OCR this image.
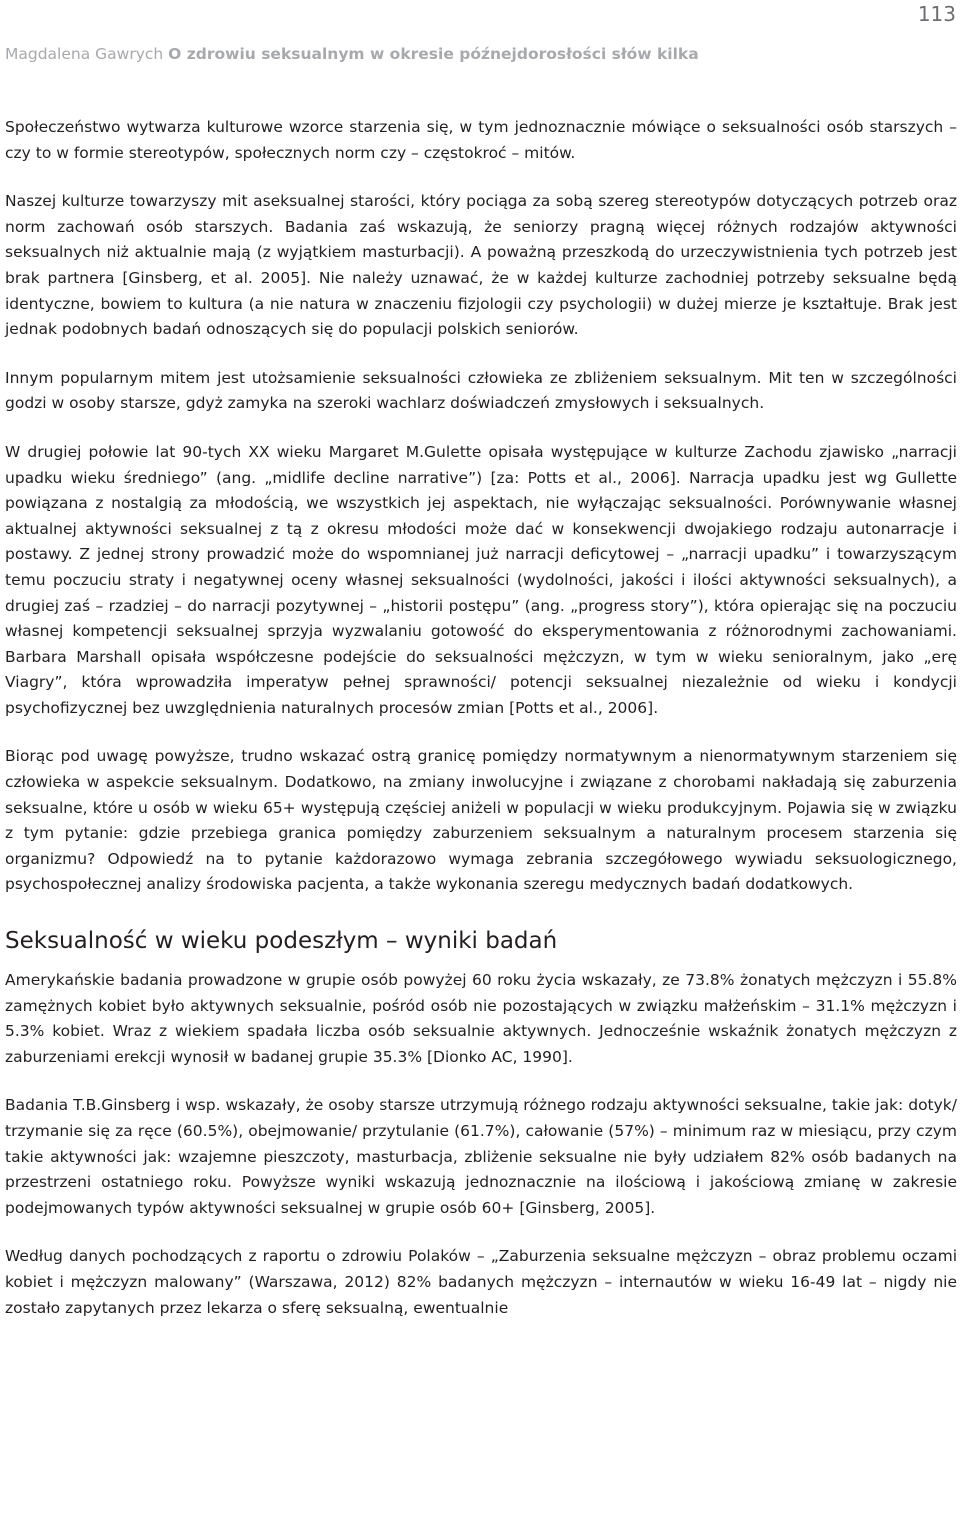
113
Magdalena Gawrych O zdrowiu seksualnym w okresie późnejdorosłości słów kilka

Społeczeństwo wytwarza kulturowe wzorce starzenia się, w tym jednoznacznie mówiące o seksualności osób starszych – czy to w formie stereotypów, społecznych norm czy – częstokroć – mitów.

Naszej kulturze towarzyszy mit aseksualnej starości, który pociąga za sobą szereg stereotypów dotyczących potrzeb oraz norm zachowań osób starszych. Badania zaś wskazują, że seniorzy pragną więcej różnych rodzajów aktywności seksualnych niż aktualnie mają (z wyjątkiem masturbacji). A poważną przeszkodą do urzeczywistnienia tych potrzeb jest brak partnera [Ginsberg, et al. 2005]. Nie należy uznawać, że w każdej kulturze zachodniej potrzeby seksualne będą identyczne, bowiem to kultura (a nie natura w znaczeniu fizjologii czy psychologii) w dużej mierze je kształtuje. Brak jest jednak podobnych badań odnoszących się do populacji polskich seniorów.

Innym popularnym mitem jest utożsamienie seksualności człowieka ze zbliżeniem seksualnym. Mit ten w szczególności godzi w osoby starsze, gdyż zamyka na szeroki wachlarz doświadczeń zmysłowych i seksualnych.

W drugiej połowie lat 90-tych XX wieku Margaret M.Gulette opisała występujące w kulturze Zachodu zjawisko „narracji upadku wieku średniego” (ang. „midlife decline narrative”) [za: Potts et al., 2006]. Narracja upadku jest wg Gullette powiązana z nostalgią za młodością, we wszystkich jej aspektach, nie wyłączając seksualności. Porównywanie własnej aktualnej aktywności seksualnej z tą z okresu młodości może dać w konsekwencji dwojakiego rodzaju autonarracje i postawy. Z jednej strony prowadzić może do wspomnianej już narracji deficytowej – „narracji upadku” i towarzyszącym temu poczuciu straty i negatywnej oceny własnej seksualności (wydolności, jakości i ilości aktywności seksualnych), a drugiej zaś – rzadziej – do narracji pozytywnej – „historii postępu” (ang. „progress story”), która opierając się na poczuciu własnej kompetencji seksualnej sprzyja wyzwalaniu gotowość do eksperymentowania z różnorodnymi zachowaniami. Barbara Marshall opisała współczesne podejście do seksualności mężczyzn, w tym w wieku senioralnym, jako „erę Viagry”, która wprowadziła imperatyw pełnej sprawności/ potencji seksualnej niezależnie od wieku i kondycji psychofizycznej bez uwzględnienia naturalnych procesów zmian [Potts et al., 2006].

Biorąc pod uwagę powyższe, trudno wskazać ostrą granicę pomiędzy normatywnym a nienormatywnym starzeniem się człowieka w aspekcie seksualnym. Dodatkowo, na zmiany inwolucyjne i związane z chorobami nakładają się zaburzenia seksualne, które u osób w wieku 65+ występują częściej aniżeli w populacji w wieku produkcyjnym. Pojawia się w związku z tym pytanie: gdzie przebiega granica pomiędzy zaburzeniem seksualnym a naturalnym procesem starzenia się organizmu? Odpowiedź na to pytanie każdorazowo wymaga zebrania szczegółowego wywiadu seksuologicznego, psychospołecznej analizy środowiska pacjenta, a także wykonania szeregu medycznych badań dodatkowych.

Seksualność w wieku podeszłym – wyniki badań

Amerykańskie badania prowadzone w grupie osób powyżej 60 roku życia wskazały, ze 73.8% żonatych mężczyzn i 55.8% zamężnych kobiet było aktywnych seksualnie, pośród osób nie pozostających w związku małżeńskim – 31.1% mężczyzn i 5.3% kobiet. Wraz z wiekiem spadała liczba osób seksualnie aktywnych. Jednocześnie wskaźnik żonatych mężczyzn z zaburzeniami erekcji wynosił w badanej grupie 35.3% [Dionko AC, 1990].

Badania T.B.Ginsberg i wsp. wskazały, że osoby starsze utrzymują różnego rodzaju aktywności seksualne, takie jak: dotyk/ trzymanie się za ręce (60.5%), obejmowanie/ przytulanie (61.7%), całowanie (57%) – minimum raz w miesiącu, przy czym takie aktywności jak: wzajemne pieszczoty, masturbacja, zbliżenie seksualne nie były udziałem 82% osób badanych na przestrzeni ostatniego roku. Powyższe wyniki wskazują jednoznacznie na ilościową i jakościową zmianę w zakresie podejmowanych typów aktywności seksualnej w grupie osób 60+ [Ginsberg, 2005].

Według danych pochodzących z raportu o zdrowiu Polaków – „Zaburzenia seksualne mężczyzn – obraz problemu oczami kobiet i mężczyzn malowany” (Warszawa, 2012) 82% badanych mężczyzn – internautów w wieku 16-49 lat – nigdy nie zostało zapytanych przez lekarza o sferę seksualną, ewentualnie
